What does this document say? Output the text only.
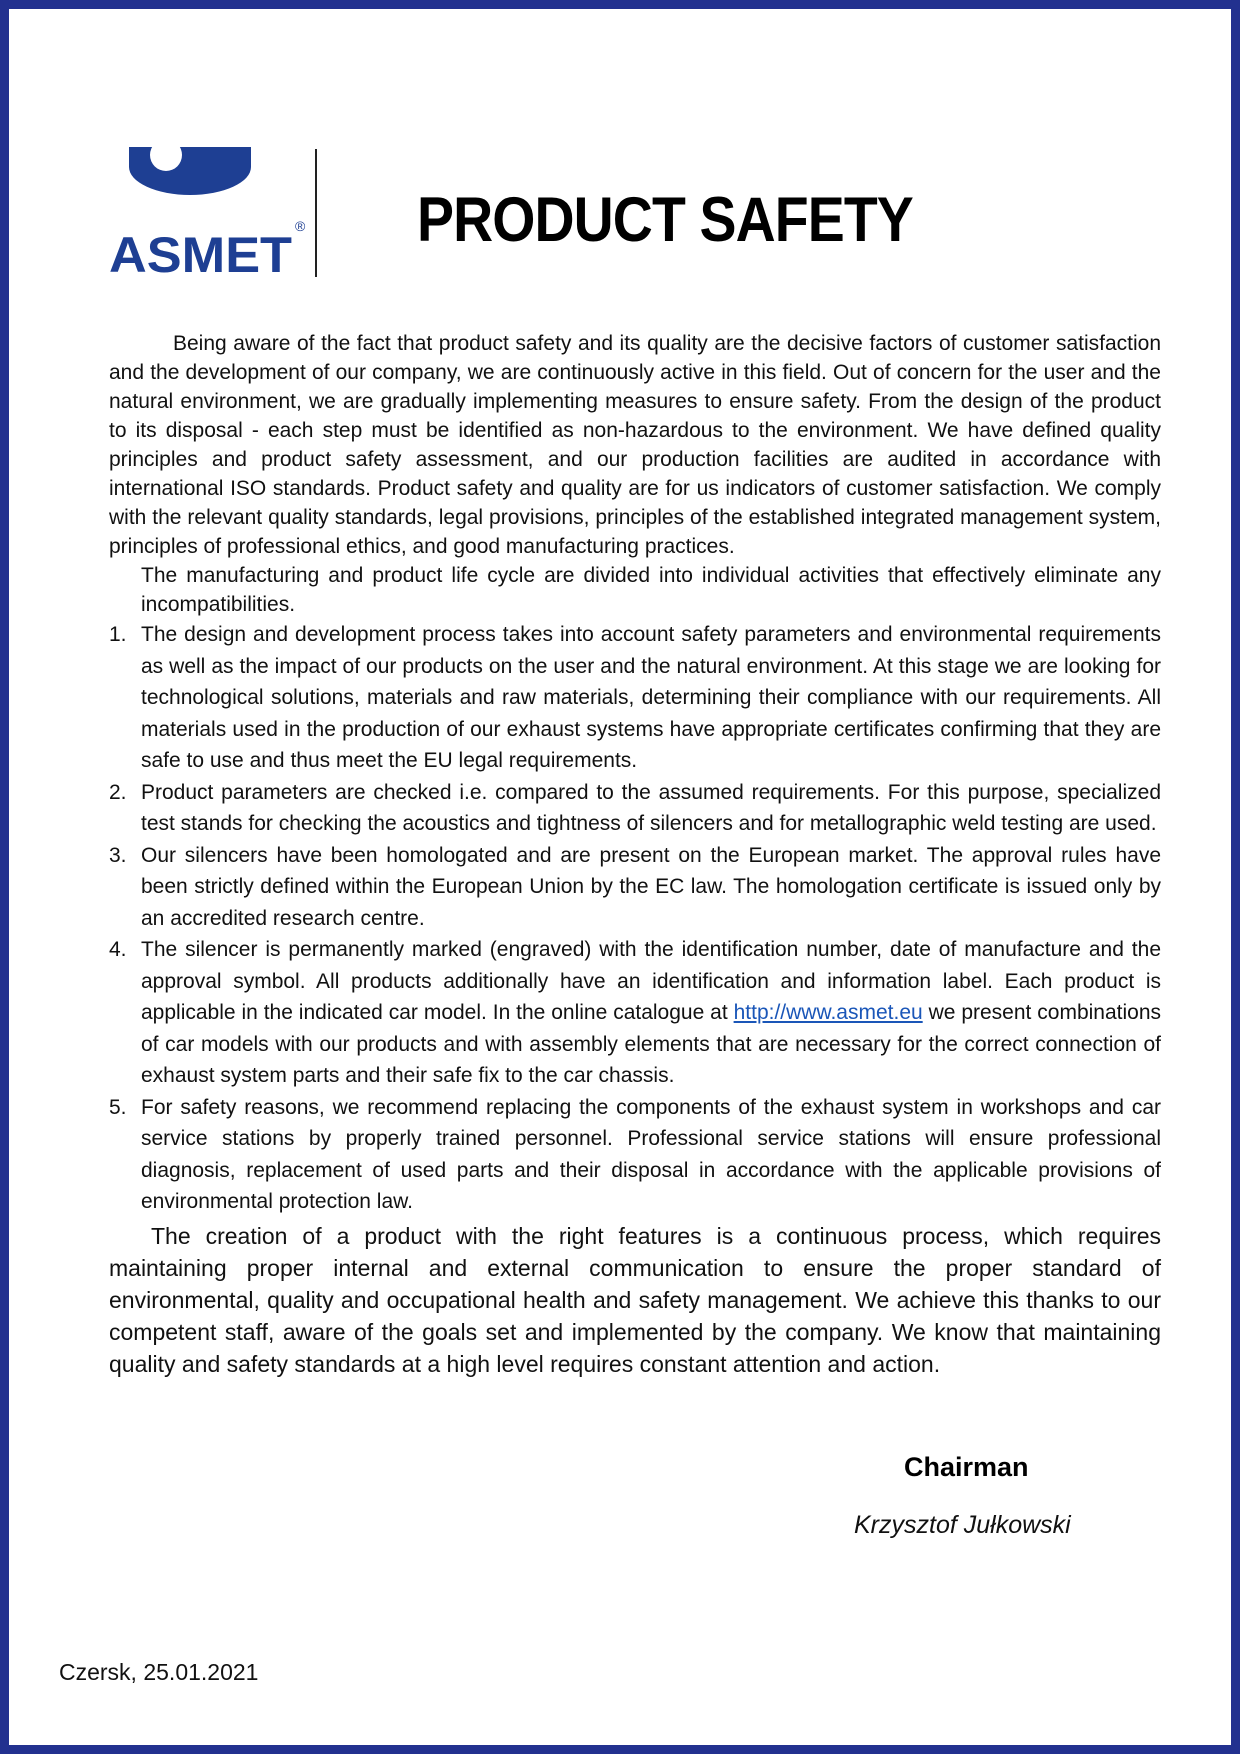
ASMET
® PRODUCT SAFETY

Being aware of the fact that product safety and its quality are the decisive factors of customer satisfaction and the development of our company, we are continuously active in this field. Out of concern for the user and the natural environment, we are gradually implementing measures to ensure safety. From the design of the product to its disposal - each step must be identified as non-hazardous to the environment. We have defined quality principles and product safety assessment, and our production facilities are audited in accordance with international ISO standards. Product safety and quality are for us indicators of customer satisfaction. We comply with the relevant quality standards, legal provisions, principles of the established integrated management system, principles of professional ethics, and good manufacturing practices.

The manufacturing and product life cycle are divided into individual activities that effectively eliminate any incompatibilities.

1. The design and development process takes into account safety parameters and environmental requirements as well as the impact of our products on the user and the natural environment. At this stage we are looking for technological solutions, materials and raw materials, determining their compliance with our requirements. All materials used in the production of our exhaust systems have appropriate certificates confirming that they are safe to use and thus meet the EU legal requirements.
2. Product parameters are checked i.e. compared to the assumed requirements. For this purpose, specialized test stands for checking the acoustics and tightness of silencers and for metallographic weld testing are used.
3. Our silencers have been homologated and are present on the European market. The approval rules have been strictly defined within the European Union by the EC law. The homologation certificate is issued only by an accredited research centre.
4. The silencer is permanently marked (engraved) with the identification number, date of manufacture and the approval symbol. All products additionally have an identification and information label. Each product is applicable in the indicated car model. In the online catalogue at http://www.asmet.eu we present combinations of car models with our products and with assembly elements that are necessary for the correct connection of exhaust system parts and their safe fix to the car chassis.
5. For safety reasons, we recommend replacing the components of the exhaust system in workshops and car service stations by properly trained personnel. Professional service stations will ensure professional diagnosis, replacement of used parts and their disposal in accordance with the applicable provisions of environmental protection law.

The creation of a product with the right features is a continuous process, which requires maintaining proper internal and external communication to ensure the proper standard of environmental, quality and occupational health and safety management. We achieve this thanks to our competent staff, aware of the goals set and implemented by the company. We know that maintaining quality and safety standards at a high level requires constant attention and action.

Chairman
Krzysztof Jułkowski
Czersk, 25.01.2021
